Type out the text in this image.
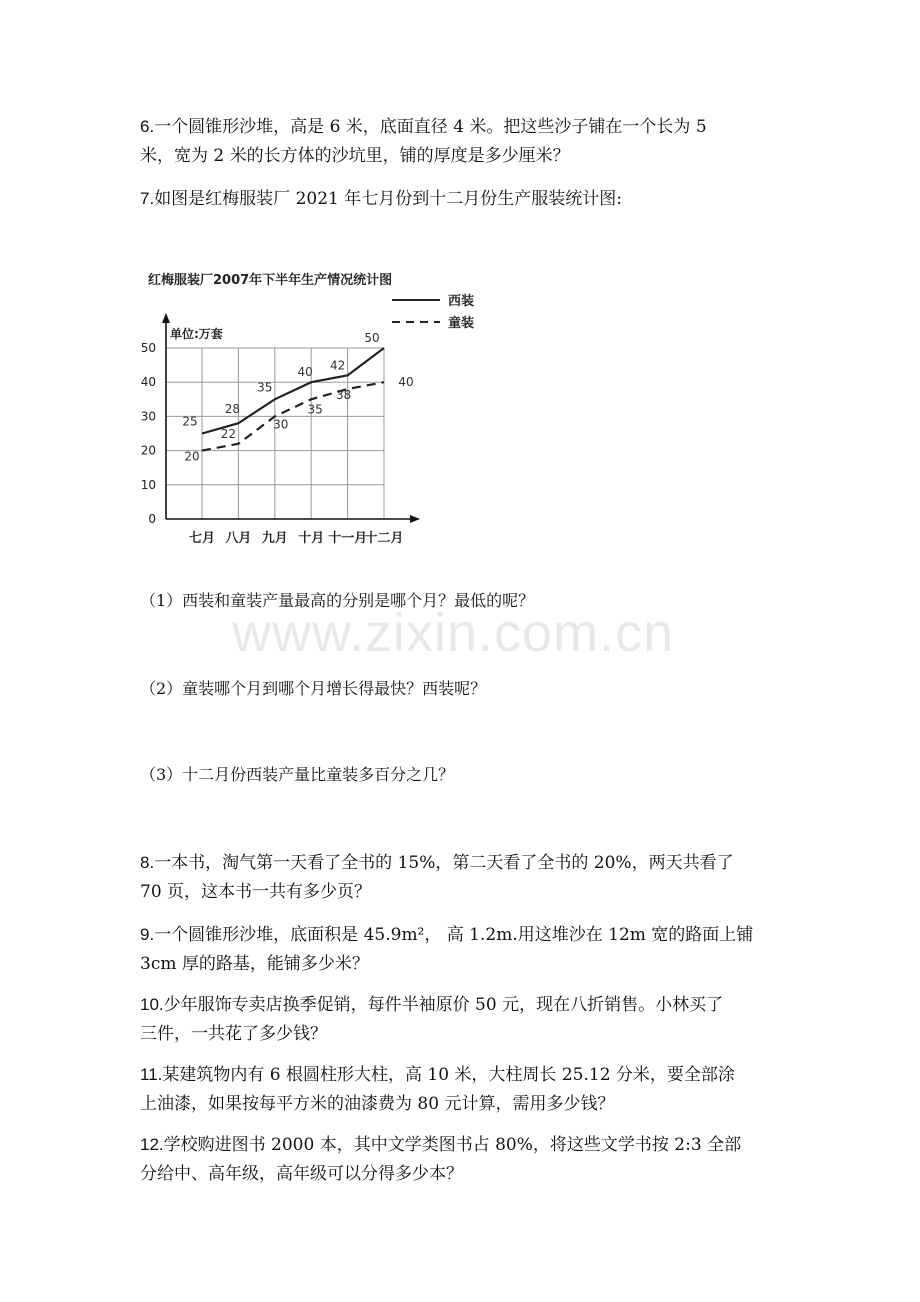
6.一个圆锥形沙堆，高是 6 米，底面直径 4 米。把这些沙子铺在一个长为 5
米，宽为 2 米的长方体的沙坑里，铺的厚度是多少厘米？
7.如图是红梅服装厂 2021 年七月份到十二月份生产服装统计图:
红梅服装厂2007年下半年生产情况统计图
单位:万套
0
10
20
30
40
50
七月 八月 九月 十月 十一月
十二月
25
28
35
40 42
50
20
22
30
35
38
40
西装
童装
www.zixin.com.cn
（1）西装和童装产量最高的分别是哪个月？最低的呢？
（2）童装哪个月到哪个月增长得最快？西装呢？
（3）十二月份西装产量比童装多百分之几？
8.一本书，淘气第一天看了全书的 15%，第二天看了全书的 20%，两天共看了
70 页，这本书一共有多少页？
9.一个圆锥形沙堆，底面积是 45.9m²， 高 1.2m.用这堆沙在 12m 宽的路面上铺
3cm 厚的路基，能铺多少米？
10.少年服饰专卖店换季促销，每件半袖原价 50 元，现在八折销售。小林买了
三件，一共花了多少钱？
11.某建筑物内有 6 根圆柱形大柱，高 10 米，大柱周长 25.12 分米，要全部涂
上油漆，如果按每平方米的油漆费为 80 元计算，需用多少钱？
12.学校购进图书 2000 本，其中文学类图书占 80%，将这些文学书按 2:3 全部
分给中、高年级，高年级可以分得多少本？
